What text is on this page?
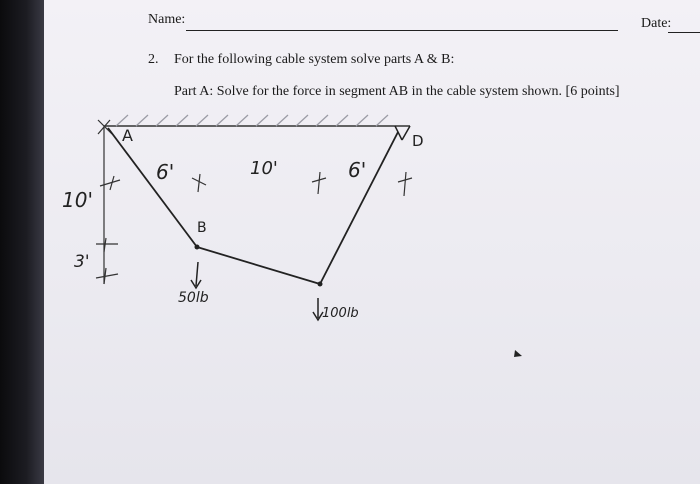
Name:	Date:
2. For the following cable system solve parts A & B:
Part A: Solve for the force in segment AB in the cable system shown. [6 points]
A
B
D
6'	10'	6'
10'
3'
50lb
100lb
